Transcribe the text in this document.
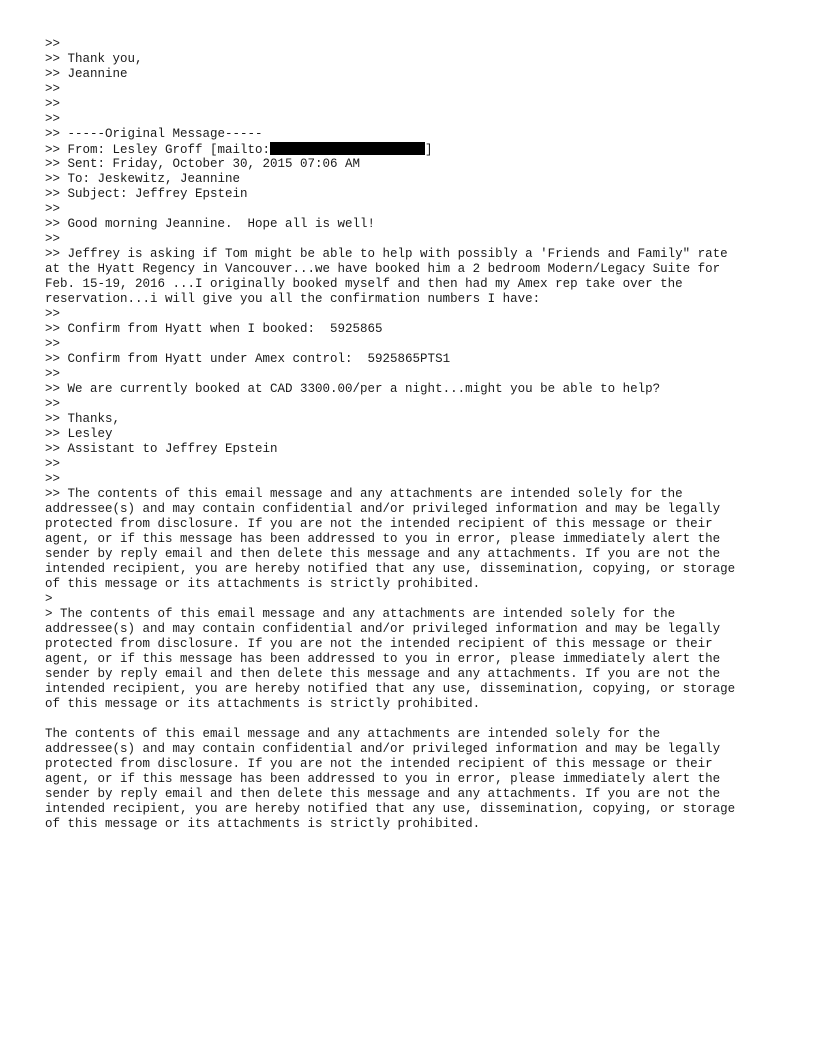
>>
>> Thank you,
>> Jeannine
>>
>>
>>
>> -----Original Message-----
>> From: Lesley Groff [mailto:	]
>> Sent: Friday, October 30, 2015 07:06 AM
>> To: Jeskewitz, Jeannine
>> Subject: Jeffrey Epstein
>>
>> Good morning Jeannine.  Hope all is well!
>>
>> Jeffrey is asking if Tom might be able to help with possibly a 'Friends and Family" rate
at the Hyatt Regency in Vancouver...we have booked him a 2 bedroom Modern/Legacy Suite for
Feb. 15-19, 2016 ...I originally booked myself and then had my Amex rep take over the
reservation...i will give you all the confirmation numbers I have:
>>
>> Confirm from Hyatt when I booked:  5925865
>>
>> Confirm from Hyatt under Amex control:  5925865PTS1
>>
>> We are currently booked at CAD 3300.00/per a night...might you be able to help?
>>
>> Thanks,
>> Lesley
>> Assistant to Jeffrey Epstein
>>
>>
>> The contents of this email message and any attachments are intended solely for the
addressee(s) and may contain confidential and/or privileged information and may be legally
protected from disclosure. If you are not the intended recipient of this message or their
agent, or if this message has been addressed to you in error, please immediately alert the
sender by reply email and then delete this message and any attachments. If you are not the
intended recipient, you are hereby notified that any use, dissemination, copying, or storage
of this message or its attachments is strictly prohibited.
>
> The contents of this email message and any attachments are intended solely for the
addressee(s) and may contain confidential and/or privileged information and may be legally
protected from disclosure. If you are not the intended recipient of this message or their
agent, or if this message has been addressed to you in error, please immediately alert the
sender by reply email and then delete this message and any attachments. If you are not the
intended recipient, you are hereby notified that any use, dissemination, copying, or storage
of this message or its attachments is strictly prohibited.
The contents of this email message and any attachments are intended solely for the
addressee(s) and may contain confidential and/or privileged information and may be legally
protected from disclosure. If you are not the intended recipient of this message or their
agent, or if this message has been addressed to you in error, please immediately alert the
sender by reply email and then delete this message and any attachments. If you are not the
intended recipient, you are hereby notified that any use, dissemination, copying, or storage
of this message or its attachments is strictly prohibited.
